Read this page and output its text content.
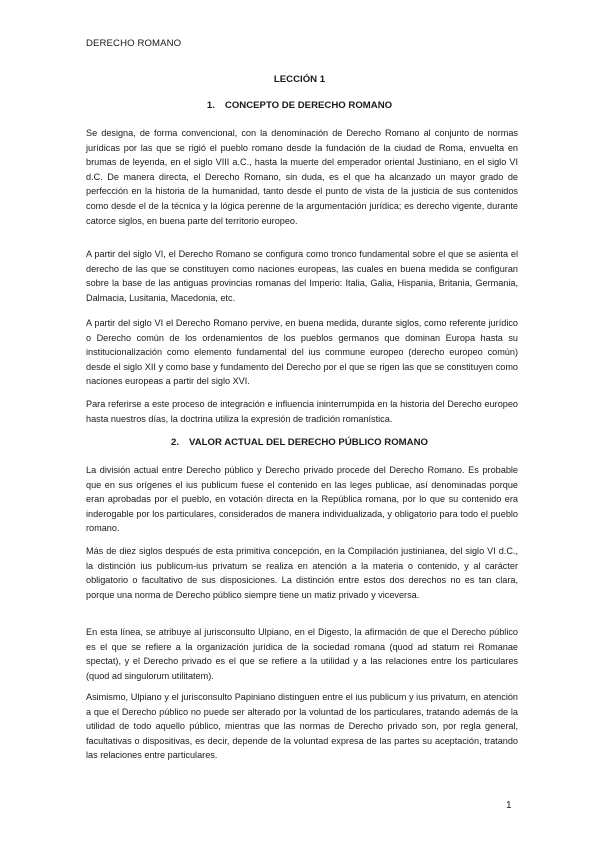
DERECHO ROMANO
LECCIÓN 1
1. CONCEPTO DE DERECHO ROMANO

Se designa, de forma convencional, con la denominación de Derecho Romano al conjunto de normas jurídicas por las que se rigió el pueblo romano desde la fundación de la ciudad de Roma, envuelta en brumas de leyenda, en el siglo VIII a.C., hasta la muerte del emperador oriental Justiniano, en el siglo VI d.C. De manera directa, el Derecho Romano, sin duda, es el que ha alcanzado un mayor grado de perfección en la historia de la humanidad, tanto desde el punto de vista de la justicia de sus contenidos como desde el de la técnica y la lógica perenne de la argumentación jurídica; es derecho vigente, durante catorce siglos, en buena parte del territorio europeo.

A partir del siglo VI, el Derecho Romano se configura como tronco fundamental sobre el que se asienta el derecho de las que se constituyen como naciones europeas, las cuales en buena medida se configuran sobre la base de las antiguas provincias romanas del Imperio: Italia, Galia, Hispania, Britania, Germania, Dalmacia, Lusitania, Macedonia, etc.

A partir del siglo VI el Derecho Romano pervive, en buena medida, durante siglos, como referente jurídico o Derecho común de los ordenamientos de los pueblos germanos que dominan Europa hasta su institucionalización como elemento fundamental del ius commune europeo (derecho europeo común) desde el siglo XII y como base y fundamento del Derecho por el que se rigen las que se constituyen como naciones europeas a partir del siglo XVI.

Para referirse a este proceso de integración e influencia ininterrumpida en la historia del Derecho europeo hasta nuestros días, la doctrina utiliza la expresión de tradición romanística.

2. VALOR ACTUAL DEL DERECHO PÚBLICO ROMANO

La división actual entre Derecho público y Derecho privado procede del Derecho Romano. Es probable que en sus orígenes el ius publicum fuese el contenido en las leges publicae, así denominadas porque eran aprobadas por el pueblo, en votación directa en la República romana, por lo que su contenido era inderogable por los particulares, considerados de manera individualizada, y obligatorio para todo el pueblo romano.

Más de diez siglos después de esta primitiva concepción, en la Compilación justinianea, del siglo VI d.C., la distinción ius publicum-ius privatum se realiza en atención a la materia o contenido, y al carácter obligatorio o facultativo de sus disposiciones. La distinción entre estos dos derechos no es tan clara, porque una norma de Derecho público siempre tiene un matiz privado y viceversa.

En esta línea, se atribuye al jurisconsulto Ulpiano, en el Digesto, la afirmación de que el Derecho público es el que se refiere a la organización jurídica de la sociedad romana (quod ad statum rei Romanae spectat), y el Derecho privado es el que se refiere a la utilidad y a las relaciones entre los particulares (quod ad singulorum utilitatem).

Asimismo, Ulpiano y el jurisconsulto Papiniano distinguen entre el ius publicum y ius privatum, en atención a que el Derecho público no puede ser alterado por la voluntad de los particulares, tratando además de la utilidad de todo aquello público, mientras que las normas de Derecho privado son, por regla general, facultativas o dispositivas, es decir, depende de la voluntad expresa de las partes su aceptación, tratando las relaciones entre particulares.

1
